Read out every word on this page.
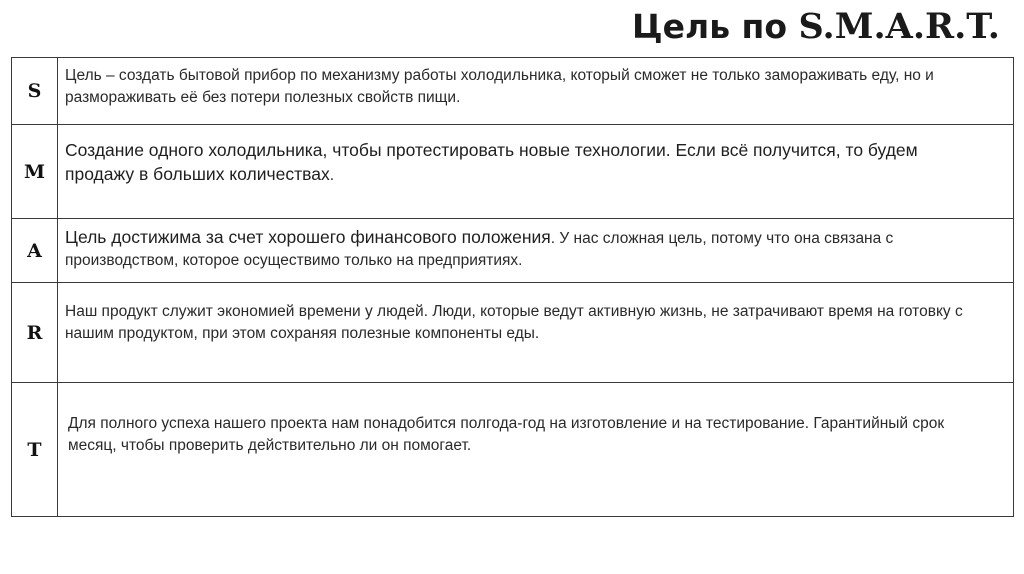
Цель по S.M.A.R.T.
S	Цель – создать бытовой прибор по механизму работы холодильника, который сможет не только замораживать еду, но и размораживать её без потери полезных свойств пищи.
M	Создание одного холодильника, чтобы протестировать новые технологии. Если всё получится, то будем продажу в больших количествах.
A	Цель достижима за счет хорошего финансового положения. У нас сложная цель, потому что она связана с производством, которое осуществимо только на предприятиях.
R	Наш продукт служит экономией времени у людей. Люди, которые ведут активную жизнь, не затрачивают время на готовку с нашим продуктом, при этом сохраняя полезные компоненты еды.
T	Для полного успеха нашего проекта нам понадобится полгода-год на изготовление и на тестирование. Гарантийный срок месяц, чтобы проверить действительно ли он помогает.
